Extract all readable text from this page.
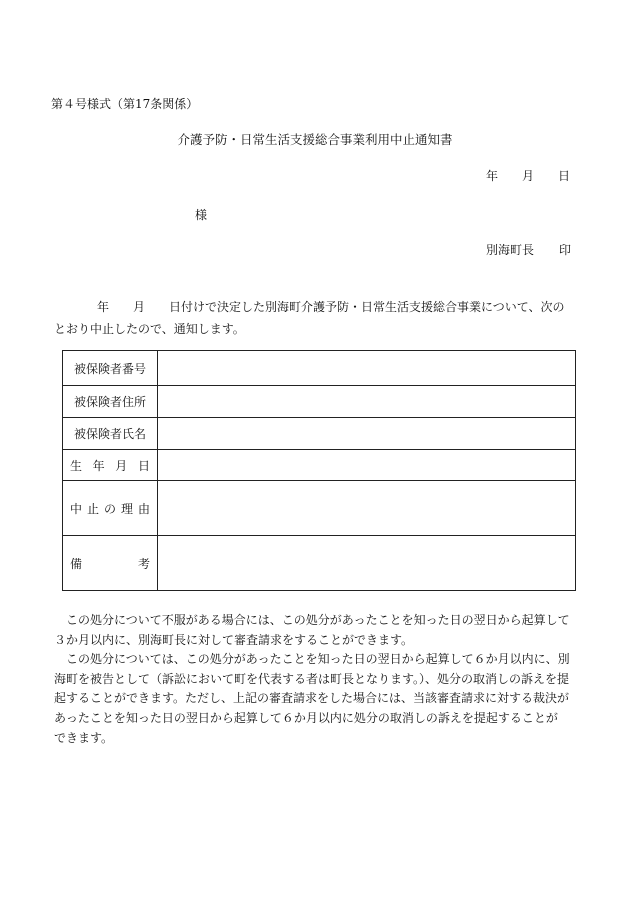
第４号様式（第17条関係）
介護予防・日常生活支援総合事業利用中止通知書
年 月 日
様
別海町長 印
年　　月　　日付けで決定した別海町介護予防・日常生活支援総合事業について、次の
とおり中止したので、通知します。
被保険者番号	
被保険者住所	
被保険者氏名	
生年月日	
中止の理由	
備考	
この処分について不服がある場合には、この処分があったことを知った日の翌日から起算して
３か月以内に、別海町長に対して審査請求をすることができます。
この処分については、この処分があったことを知った日の翌日から起算して６か月以内に、別
海町を被告として（訴訟において町を代表する者は町長となります。）、処分の取消しの訴えを提
起することができます。ただし、上記の審査請求をした場合には、当該審査請求に対する裁決が
あったことを知った日の翌日から起算して６か月以内に処分の取消しの訴えを提起することが
できます。
